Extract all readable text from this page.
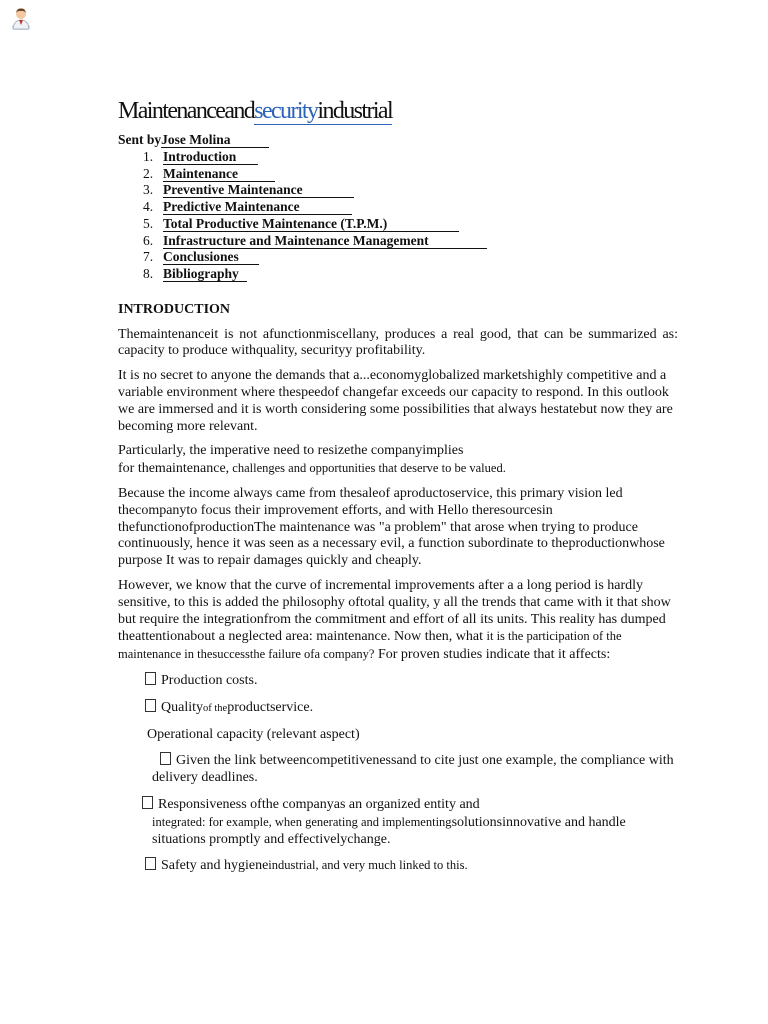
Maintenanceandsecurityindustrial
Sent byJose Molina
1. Introduction
2. Maintenance
3. Preventive Maintenance
4. Predictive Maintenance
5. Total Productive Maintenance (T.P.M.)
6. Infrastructure and Maintenance Management
7. Conclusiones
8. Bibliography
INTRODUCTION

Themaintenanceit is not afunctionmiscellany, produces a real good, that can be summarized as: capacity to produce withquality, securityy profitability.

It is no secret to anyone the demands that a...economyglobalized marketshighly competitive and a variable environment where thespeedof changefar exceeds our capacity to respond. In this outlook
we are immersed and it is worth considering some possibilities that always hestatebut now they are becoming more relevant.

Particularly, the imperative need to resizethe companyimplies
for themaintenance, challenges and opportunities that deserve to be valued.

Because the income always came from thesaleof aproductoservice, this primary vision led thecompanyto focus their improvement efforts, and with Hello theresourcesin thefunctionofproductionThe maintenance was "a problem" that arose when trying to produce continuously, hence it was seen as a necessary evil, a function subordinate to theproductionwhose purpose It was to repair damages quickly and cheaply.

However, we know that the curve of incremental improvements after a a long period is hardly sensitive, to this is added the philosophy oftotal quality, y all the trends that came with it that show but require the integrationfrom the commitment and effort of all its units. This reality has dumped theattentionabout a neglected area: maintenance. Now then, what it is the participation of the maintenance in thesuccessthe failure ofa company? For proven studies indicate that it affects:

Production costs.
Qualityof theproductservice.
Operational capacity (relevant aspect)
Given the link betweencompetitivenessand to cite just one example, the compliance with delivery deadlines.
Responsiveness ofthe companyas an organized entity and
integrated: for example, when generating and implementingsolutionsinnovative and handle situations promptly and effectivelychange.
Safety and hygieneindustrial, and very much linked to this.
